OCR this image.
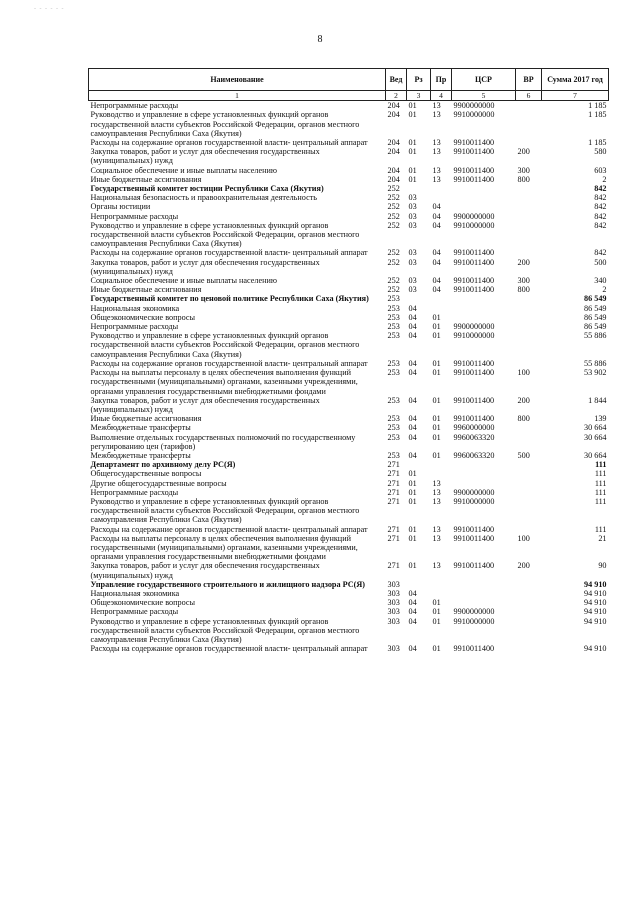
- - - - - -
8
Наименование	Вед	Рз	Пр	ЦСР	ВР	Сумма 2017 год
1	2	3	4	5	6	7
Непрограммные расходы	204	01	13	9900000000		1 185
Руководство и управление в сфере установленных функций органов государственной власти субъектов Российской Федерации, органов местного самоуправления Республики Саха (Якутия)	204	01	13	9910000000		1 185
Расходы на содержание органов государственной власти- центральный аппарат	204	01	13	9910011400		1 185
Закупка товаров, работ и услуг для обеспечения государственных (муниципальных) нужд	204	01	13	9910011400	200	580
Социальное обеспечение и иные выплаты населению	204	01	13	9910011400	300	603
Иные бюджетные ассигнования	204	01	13	9910011400	800	2
Государственный комитет юстиции Республики Саха (Якутия)	252					842
Национальная безопасность и правоохранительная деятельность	252	03				842
Органы юстиции	252	03	04			842
Непрограммные расходы	252	03	04	9900000000		842
Руководство и управление в сфере установленных функций органов государственной власти субъектов Российской Федерации, органов местного самоуправления Республики Саха (Якутия)	252	03	04	9910000000		842
Расходы на содержание органов государственной власти- центральный аппарат	252	03	04	9910011400		842
Закупка товаров, работ и услуг для обеспечения государственных (муниципальных) нужд	252	03	04	9910011400	200	500
Социальное обеспечение и иные выплаты населению	252	03	04	9910011400	300	340
Иные бюджетные ассигнования	252	03	04	9910011400	800	2
Государственный комитет по ценовой политике Республики Саха (Якутия)	253					86 549
Национальная экономика	253	04				86 549
Общеэкономические вопросы	253	04	01			86 549
Непрограммные расходы	253	04	01	9900000000		86 549
Руководство и управление в сфере установленных функций органов государственной власти субъектов Российской Федерации, органов местного самоуправления Республики Саха (Якутия)	253	04	01	9910000000		55 886
Расходы на содержание органов государственной власти- центральный аппарат	253	04	01	9910011400		55 886
Расходы на выплаты персоналу в целях обеспечения выполнения функций государственными (муниципальными) органами, казенными учреждениями, органами управления государственными внебюджетными фондами	253	04	01	9910011400	100	53 902
Закупка товаров, работ и услуг для обеспечения государственных (муниципальных) нужд	253	04	01	9910011400	200	1 844
Иные бюджетные ассигнования	253	04	01	9910011400	800	139
Межбюджетные трансферты	253	04	01	9960000000		30 664
Выполнение отдельных государственных полномочий по государственному регулированию цен (тарифов)	253	04	01	9960063320		30 664
Межбюджетные трансферты	253	04	01	9960063320	500	30 664
Департамент по архивному делу РС(Я)	271					111
Общегосударственные вопросы	271	01				111
Другие общегосударственные вопросы	271	01	13			111
Непрограммные расходы	271	01	13	9900000000		111
Руководство и управление в сфере установленных функций органов государственной власти субъектов Российской Федерации, органов местного самоуправления Республики Саха (Якутия)	271	01	13	9910000000		111
Расходы на содержание органов государственной власти- центральный аппарат	271	01	13	9910011400		111
Расходы на выплаты персоналу в целях обеспечения выполнения функций государственными (муниципальными) органами, казенными учреждениями, органами управления государственными внебюджетными фондами	271	01	13	9910011400	100	21
Закупка товаров, работ и услуг для обеспечения государственных (муниципальных) нужд	271	01	13	9910011400	200	90
Управление государственного строительного и жилищного надзора РС(Я)	303					94 910
Национальная экономика	303	04				94 910
Общеэкономические вопросы	303	04	01			94 910
Непрограммные расходы	303	04	01	9900000000		94 910
Руководство и управление в сфере установленных функций органов государственной власти субъектов Российской Федерации, органов местного самоуправления Республики Саха (Якутия)	303	04	01	9910000000		94 910
Расходы на содержание органов государственной власти- центральный аппарат	303	04	01	9910011400		94 910
